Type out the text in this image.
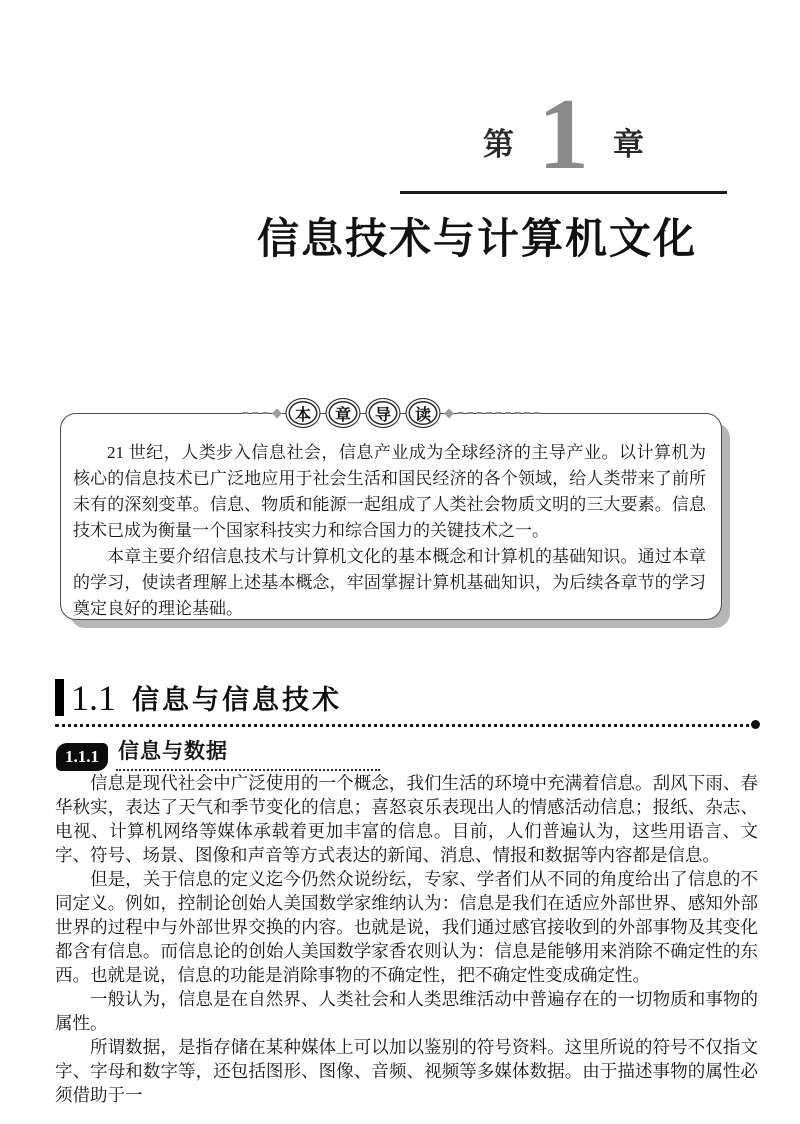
第 1 章
信息技术与计算机文化
本 章 导 读

21 世纪，人类步入信息社会，信息产业成为全球经济的主导产业。以计算机为核心的信息技术已广泛地应用于社会生活和国民经济的各个领域，给人类带来了前所未有的深刻变革。信息、物质和能源一起组成了人类社会物质文明的三大要素。信息技术已成为衡量一个国家科技实力和综合国力的关键技术之一。

本章主要介绍信息技术与计算机文化的基本概念和计算机的基础知识。通过本章的学习，使读者理解上述基本概念，牢固掌握计算机基础知识，为后续各章节的学习奠定良好的理论基础。

1.1 信息与信息技术
1.1.1 信息与数据

信息是现代社会中广泛使用的一个概念，我们生活的环境中充满着信息。刮风下雨、春华秋实，表达了天气和季节变化的信息；喜怒哀乐表现出人的情感活动信息；报纸、杂志、电视、计算机网络等媒体承载着更加丰富的信息。目前，人们普遍认为，这些用语言、文字、符号、场景、图像和声音等方式表达的新闻、消息、情报和数据等内容都是信息。

但是，关于信息的定义迄今仍然众说纷纭，专家、学者们从不同的角度给出了信息的不同定义。例如，控制论创始人美国数学家维纳认为：信息是我们在适应外部世界、感知外部世界的过程中与外部世界交换的内容。也就是说，我们通过感官接收到的外部事物及其变化都含有信息。而信息论的创始人美国数学家香农则认为：信息是能够用来消除不确定性的东西。也就是说，信息的功能是消除事物的不确定性，把不确定性变成确定性。

一般认为，信息是在自然界、人类社会和人类思维活动中普遍存在的一切物质和事物的属性。

所谓数据，是指存储在某种媒体上可以加以鉴别的符号资料。这里所说的符号不仅指文字、字母和数字等，还包括图形、图像、音频、视频等多媒体数据。由于描述事物的属性必须借助于一
